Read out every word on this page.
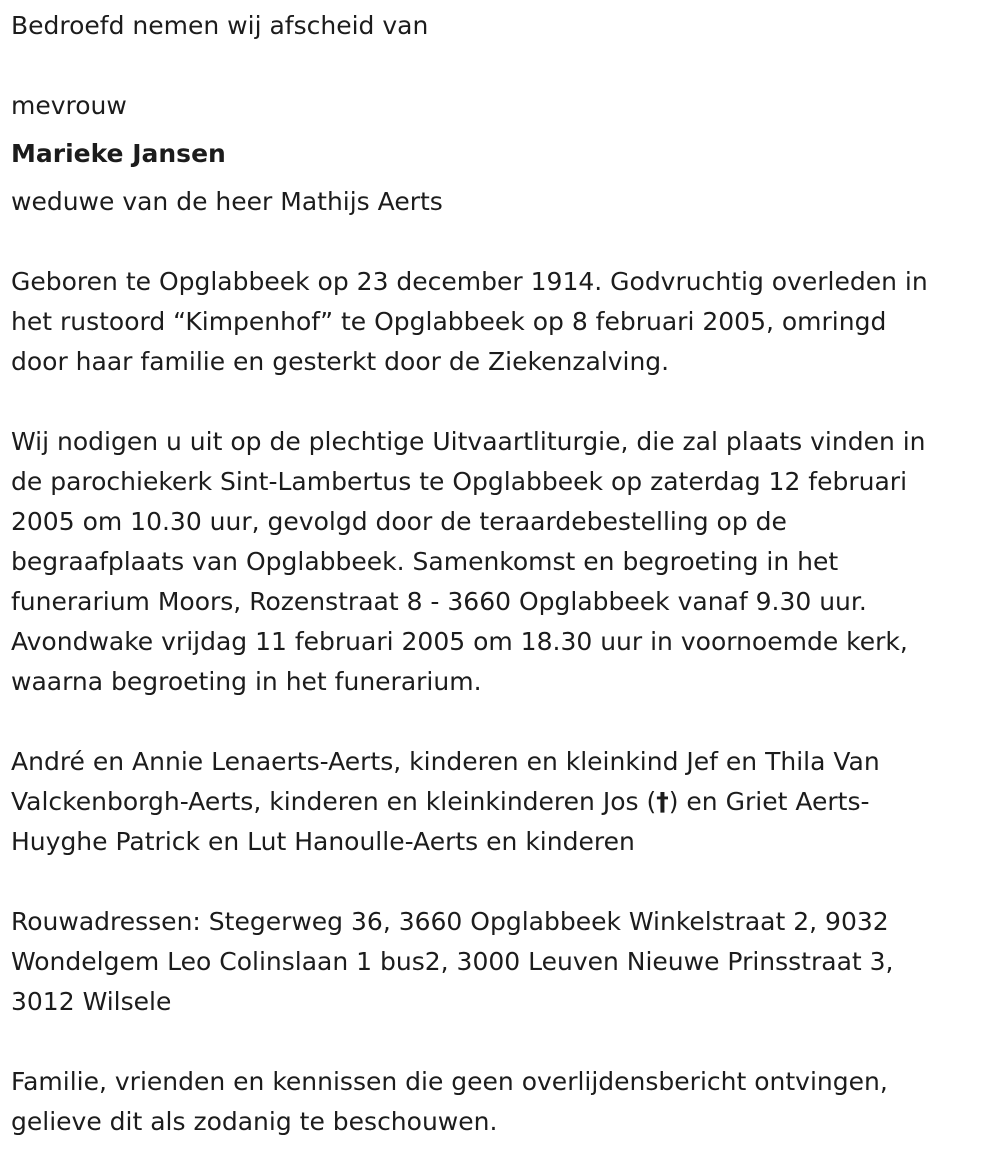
Bedroefd nemen wij afscheid van
mevrouw
Marieke Jansen
weduwe van de heer Mathijs Aerts
Geboren te Opglabbeek op 23 december 1914. Godvruchtig overleden in
het rustoord “Kimpenhof” te Opglabbeek op 8 februari 2005, omringd
door haar familie en gesterkt door de Ziekenzalving.
Wij nodigen u uit op de plechtige Uitvaartliturgie, die zal plaats vinden in
de parochiekerk Sint-Lambertus te Opglabbeek op zaterdag 12 februari
2005 om 10.30 uur, gevolgd door de teraardebestelling op de
begraafplaats van Opglabbeek. Samenkomst en begroeting in het
funerarium Moors, Rozenstraat 8 - 3660 Opglabbeek vanaf 9.30 uur.
Avondwake vrijdag 11 februari 2005 om 18.30 uur in voornoemde kerk,
waarna begroeting in het funerarium.
André en Annie Lenaerts-Aerts, kinderen en kleinkind Jef en Thila Van
Valckenborgh-Aerts, kinderen en kleinkinderen Jos (†) en Griet Aerts-
Huyghe Patrick en Lut Hanoulle-Aerts en kinderen
Rouwadressen: Stegerweg 36, 3660 Opglabbeek Winkelstraat 2, 9032
Wondelgem Leo Colinslaan 1 bus2, 3000 Leuven Nieuwe Prinsstraat 3,
3012 Wilsele
Familie, vrienden en kennissen die geen overlijdensbericht ontvingen,
gelieve dit als zodanig te beschouwen.
